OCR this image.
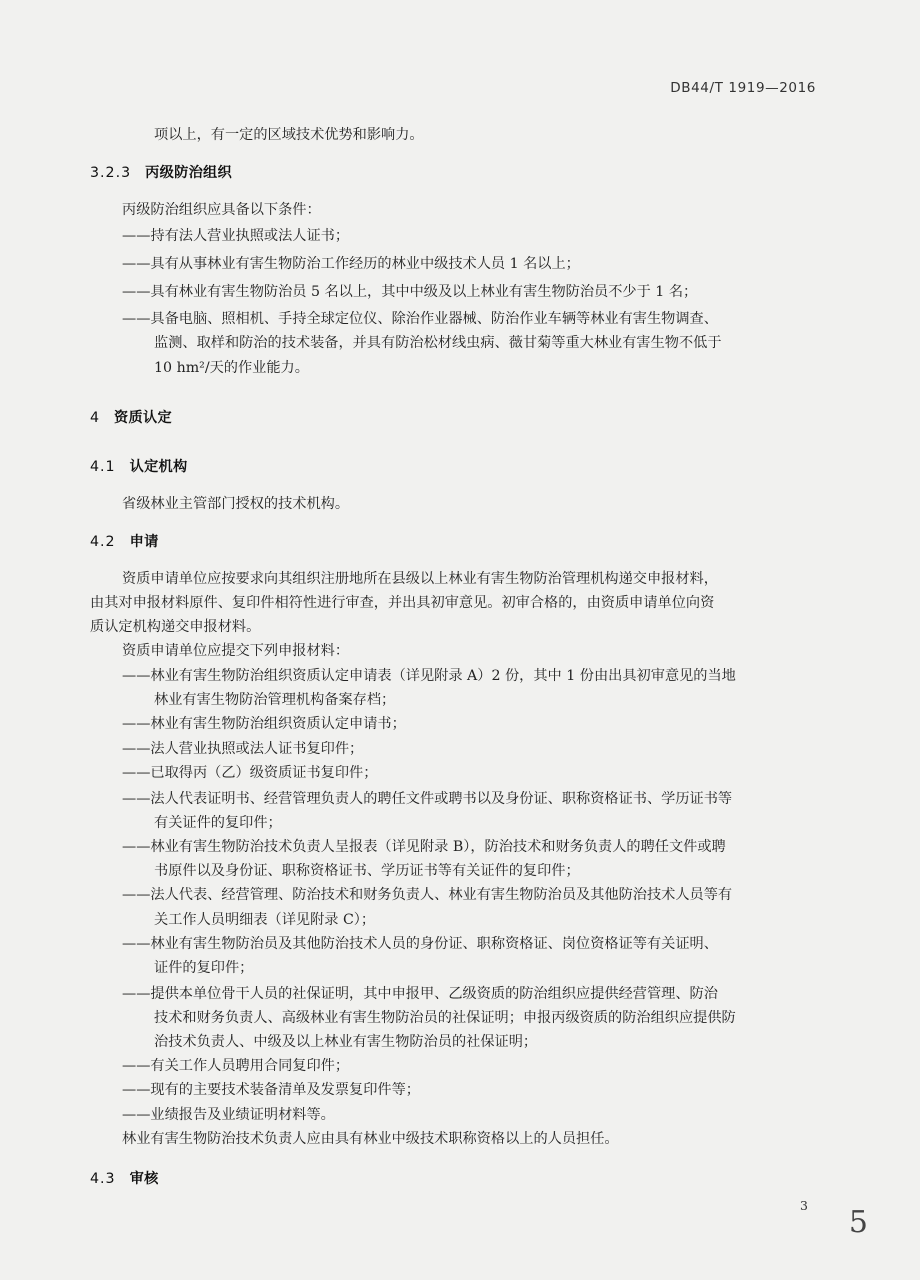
DB44/T 1919—2016
项以上，有一定的区域技术优势和影响力。
3.2.3 丙级防治组织
丙级防治组织应具备以下条件：
——持有法人营业执照或法人证书；
——具有从事林业有害生物防治工作经历的林业中级技术人员 1 名以上；
——具有林业有害生物防治员 5 名以上，其中中级及以上林业有害生物防治员不少于 1 名；
——具备电脑、照相机、手持全球定位仪、除治作业器械、防治作业车辆等林业有害生物调查、
监测、取样和防治的技术装备，并具有防治松材线虫病、薇甘菊等重大林业有害生物不低于
10 hm²/天的作业能力。
4 资质认定
4.1 认定机构
省级林业主管部门授权的技术机构。
4.2 申请
资质申请单位应按要求向其组织注册地所在县级以上林业有害生物防治管理机构递交申报材料，
由其对申报材料原件、复印件相符性进行审查，并出具初审意见。初审合格的，由资质申请单位向资
质认定机构递交申报材料。
资质申请单位应提交下列申报材料：
——林业有害生物防治组织资质认定申请表（详见附录 A）2 份，其中 1 份由出具初审意见的当地
林业有害生物防治管理机构备案存档；
——林业有害生物防治组织资质认定申请书；
——法人营业执照或法人证书复印件；
——已取得丙（乙）级资质证书复印件；
——法人代表证明书、经营管理负责人的聘任文件或聘书以及身份证、职称资格证书、学历证书等
有关证件的复印件；
——林业有害生物防治技术负责人呈报表（详见附录 B），防治技术和财务负责人的聘任文件或聘
书原件以及身份证、职称资格证书、学历证书等有关证件的复印件；
——法人代表、经营管理、防治技术和财务负责人、林业有害生物防治员及其他防治技术人员等有
关工作人员明细表（详见附录 C）；
——林业有害生物防治员及其他防治技术人员的身份证、职称资格证、岗位资格证等有关证明、
证件的复印件；
——提供本单位骨干人员的社保证明，其中申报甲、乙级资质的防治组织应提供经营管理、防治
技术和财务负责人、高级林业有害生物防治员的社保证明；申报丙级资质的防治组织应提供防
治技术负责人、中级及以上林业有害生物防治员的社保证明；
——有关工作人员聘用合同复印件；
——现有的主要技术装备清单及发票复印件等；
——业绩报告及业绩证明材料等。
林业有害生物防治技术负责人应由具有林业中级技术职称资格以上的人员担任。
4.3 审核
3 5
